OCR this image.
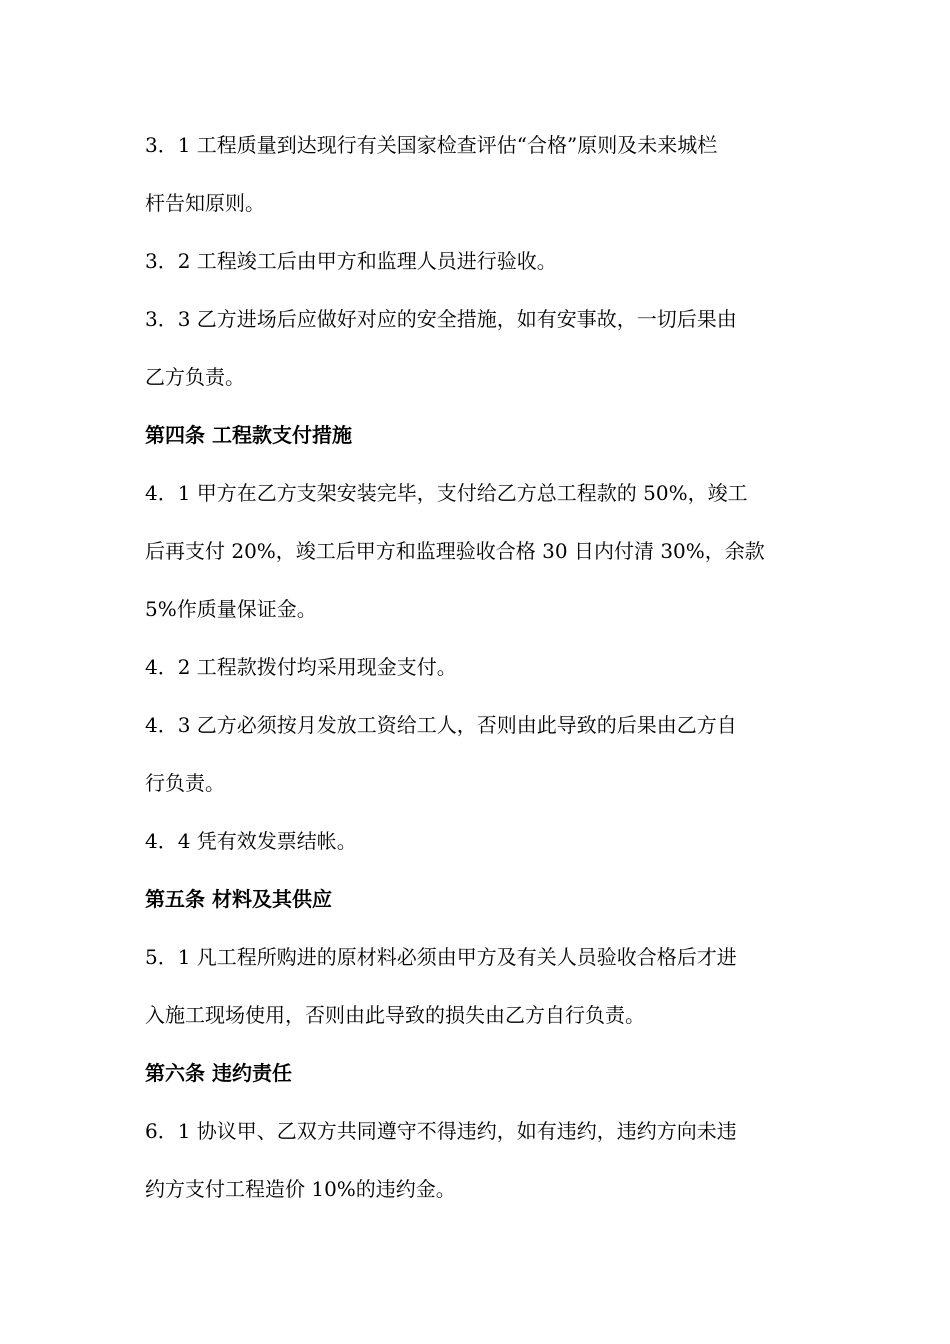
3．1 工程质量到达现行有关国家检查评估“合格”原则及未来城栏
杆告知原则。
3．2 工程竣工后由甲方和监理人员进行验收。
3．3 乙方进场后应做好对应的安全措施，如有安事故，一切后果由
乙方负责。
第四条 工程款支付措施
4．1 甲方在乙方支架安装完毕，支付给乙方总工程款的 50%，竣工
后再支付 20%，竣工后甲方和监理验收合格 30 日内付清 30%，余款
5%作质量保证金。
4．2 工程款拨付均采用现金支付。
4．3 乙方必须按月发放工资给工人，否则由此导致的后果由乙方自
行负责。
4．4 凭有效发票结帐。
第五条 材料及其供应
5．1 凡工程所购进的原材料必须由甲方及有关人员验收合格后才进
入施工现场使用，否则由此导致的损失由乙方自行负责。
第六条 违约责任
6．1 协议甲、乙双方共同遵守不得违约，如有违约，违约方向未违
约方支付工程造价 10%的违约金。
